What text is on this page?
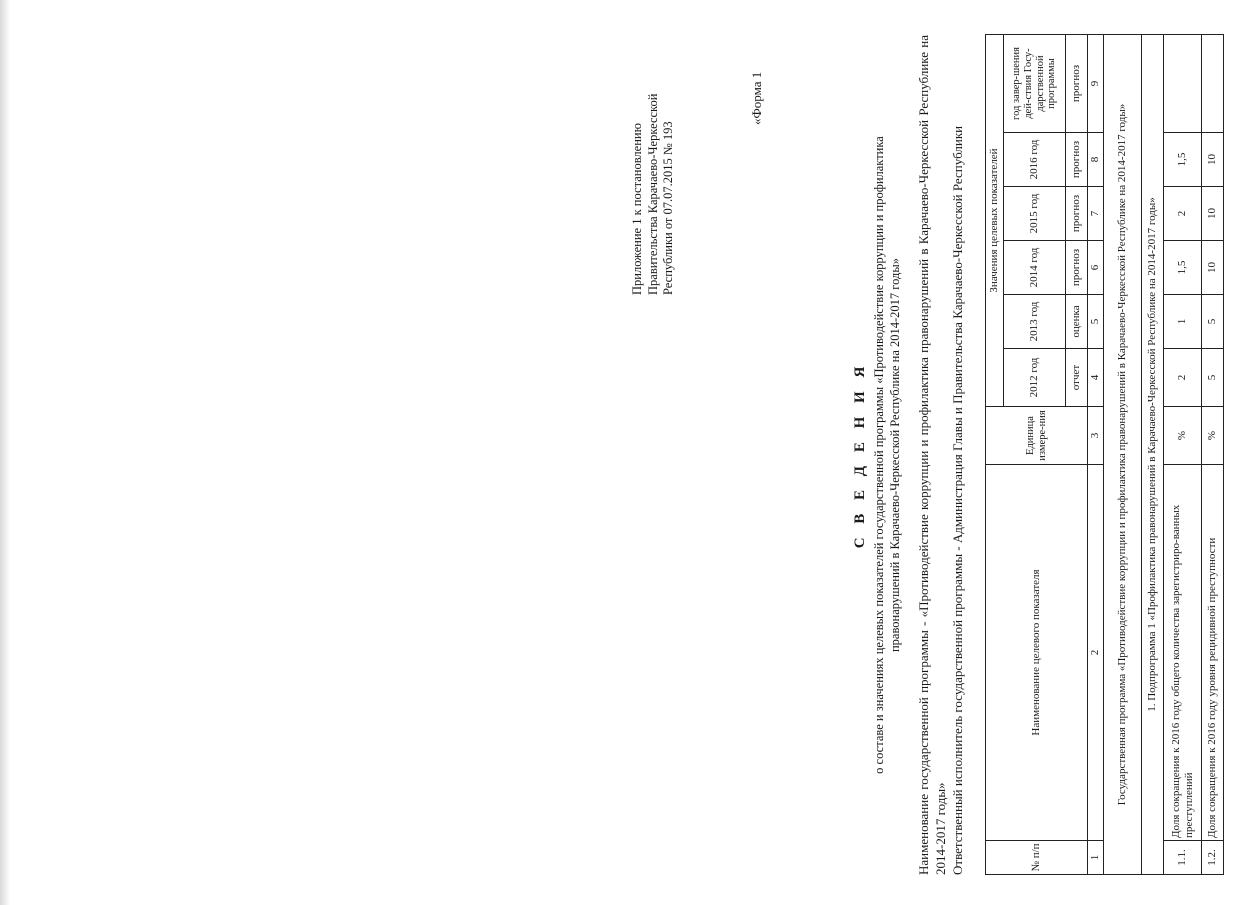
Приложение 1 к постановлению Правительства Карачаево-Черкесской Республики от 07.07.2015 № 193
«Форма 1
С В Е Д Е Н И Я о составе и значениях целевых показателей государственной программы «Противодействие коррупции и профилактика правонарушений в Карачаево-Черкесской Республике на 2014-2017 годы» Наименование государственной программы - «Противодействие коррупции и профилактика правонарушений в Карачаево-Черкесской Республике на 2014-2017 годы» Ответственный исполнитель государственной программы - Администрация Главы и Правительства Карачаево-Черкесской Республики	№ п/п	Наименование целевого показателя	Единица измере-ния	Значения целевых показателей					
			2012 год	2013 год	2014 год	2015 год	2016 год	год завер-шения дей-ствия Госу-дарственной программы
			отчет	оценка	прогноз	прогноз	прогноз	прогноз
1	2	3	4	5	6	7	8	9
Государственная программа «Противодействие коррупции и профилактика правонарушений в Карачаево-Черкесской Республике на 2014-2017 годы»								
1. Подпрограмма 1 «Профилактика правонарушений в Карачаево-Черкесской Республике на 2014-2017 годы»								
1.1.	Доля сокращения к 2016 году общего количества зарегистриро-ванных преступлений	%	2	1	1,5	2	1,5	
1.2.	Доля сокращения к 2016 году уровня рецидивной преступности	%	5	5	10	10	10	
